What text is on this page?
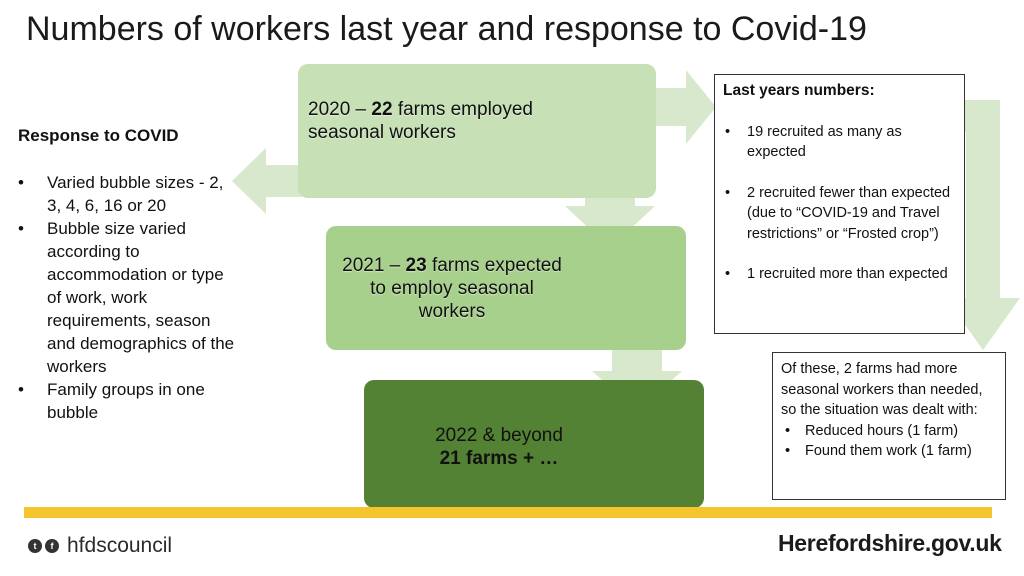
Numbers of workers last year and response to Covid-19
2020 – 22 farms employed seasonal workers
2021 – 23 farms expected to employ seasonal workers
2022 & beyond
21 farms + …
Response to COVID
• Varied bubble sizes - 2, 3, 4, 6, 16 or 20
• Bubble size varied according to accommodation or type of work, work requirements, season and demographics of the workers
• Family groups in one bubble
Last years numbers:
• 19 recruited as many as expected
• 2 recruited fewer than expected (due to “COVID-19 and Travel restrictions” or “Frosted crop”)
• 1 recruited more than expected
Of these, 2 farms had more seasonal workers than needed, so the situation was dealt with:
• Reduced hours (1 farm)
• Found them work (1 farm)
t	f hfdscouncil	Herefordshire.gov.uk
